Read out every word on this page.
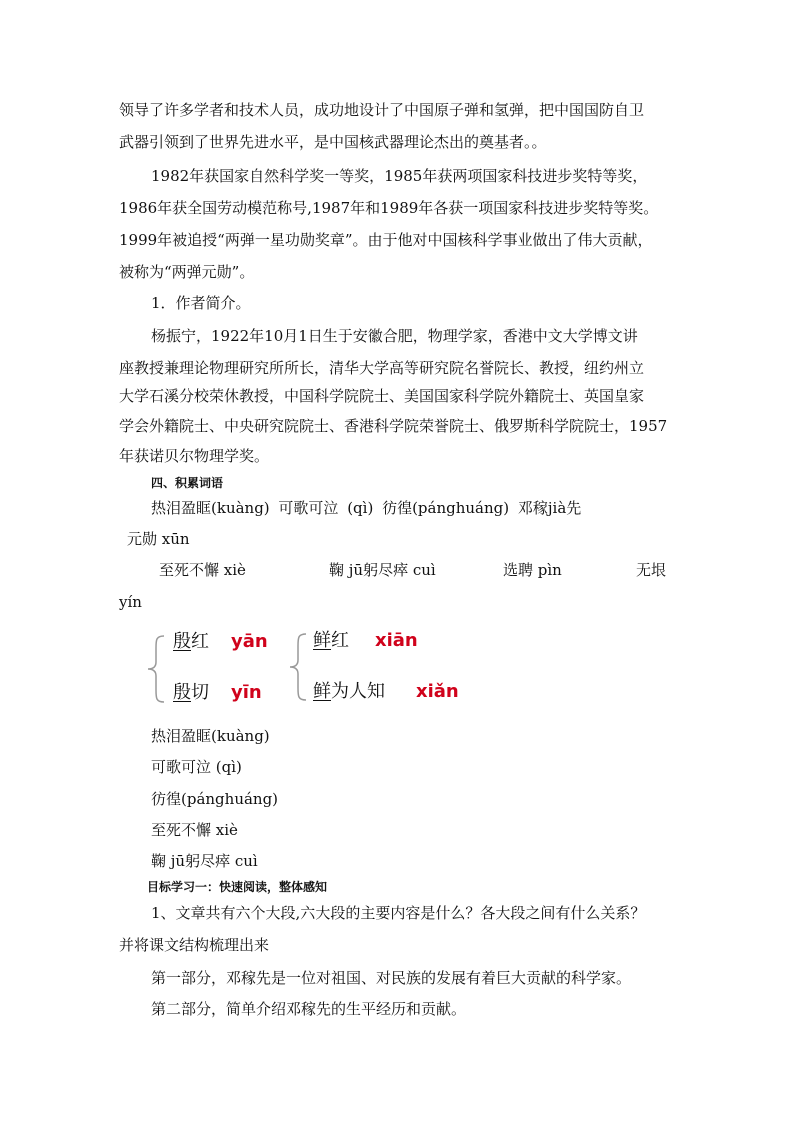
领导了许多学者和技术人员，成功地设计了中国原子弹和氢弹，把中国国防自卫
武器引领到了世界先进水平，是中国核武器理论杰出的奠基者。。
1982年获国家自然科学奖一等奖，1985年获两项国家科技进步奖特等奖，
1986年获全国劳动模范称号,1987年和1989年各获一项国家科技进步奖特等奖。
1999年被追授“两弹一星功勋奖章”。由于他对中国核科学事业做出了伟大贡献，
被称为“两弹元勋”。
1．作者简介。
杨振宁，1922年10月1日生于安徽合肥，物理学家，香港中文大学博文讲
座教授兼理论物理研究所所长，清华大学高等研究院名誉院长、教授，纽约州立
大学石溪分校荣休教授，中国科学院院士、美国国家科学院外籍院士、英国皇家
学会外籍院士、中央研究院院士、香港科学院荣誉院士、俄罗斯科学院院士，1957
年获诺贝尔物理学奖。
四、积累词语
热泪盈眶(kuàng) 可歌可泣 (qì) 彷徨(pánghuáng) 邓稼jià先
元勋 xūn
至死不懈 xiè	鞠 jū躬尽瘁 cuì	选聘 pìn	无垠
yín
殷红 yān
殷切 yīn
鲜红 xiān
鲜为人知 xiǎn
热泪盈眶(kuàng)
可歌可泣 (qì)
彷徨(pánghuáng)
至死不懈 xiè
鞠 jū躬尽瘁 cuì
目标学习一：快速阅读，整体感知
1、文章共有六个大段,六大段的主要内容是什么？各大段之间有什么关系？
并将课文结构梳理出来
第一部分，邓稼先是一位对祖国、对民族的发展有着巨大贡献的科学家。
第二部分，简单介绍邓稼先的生平经历和贡献。
